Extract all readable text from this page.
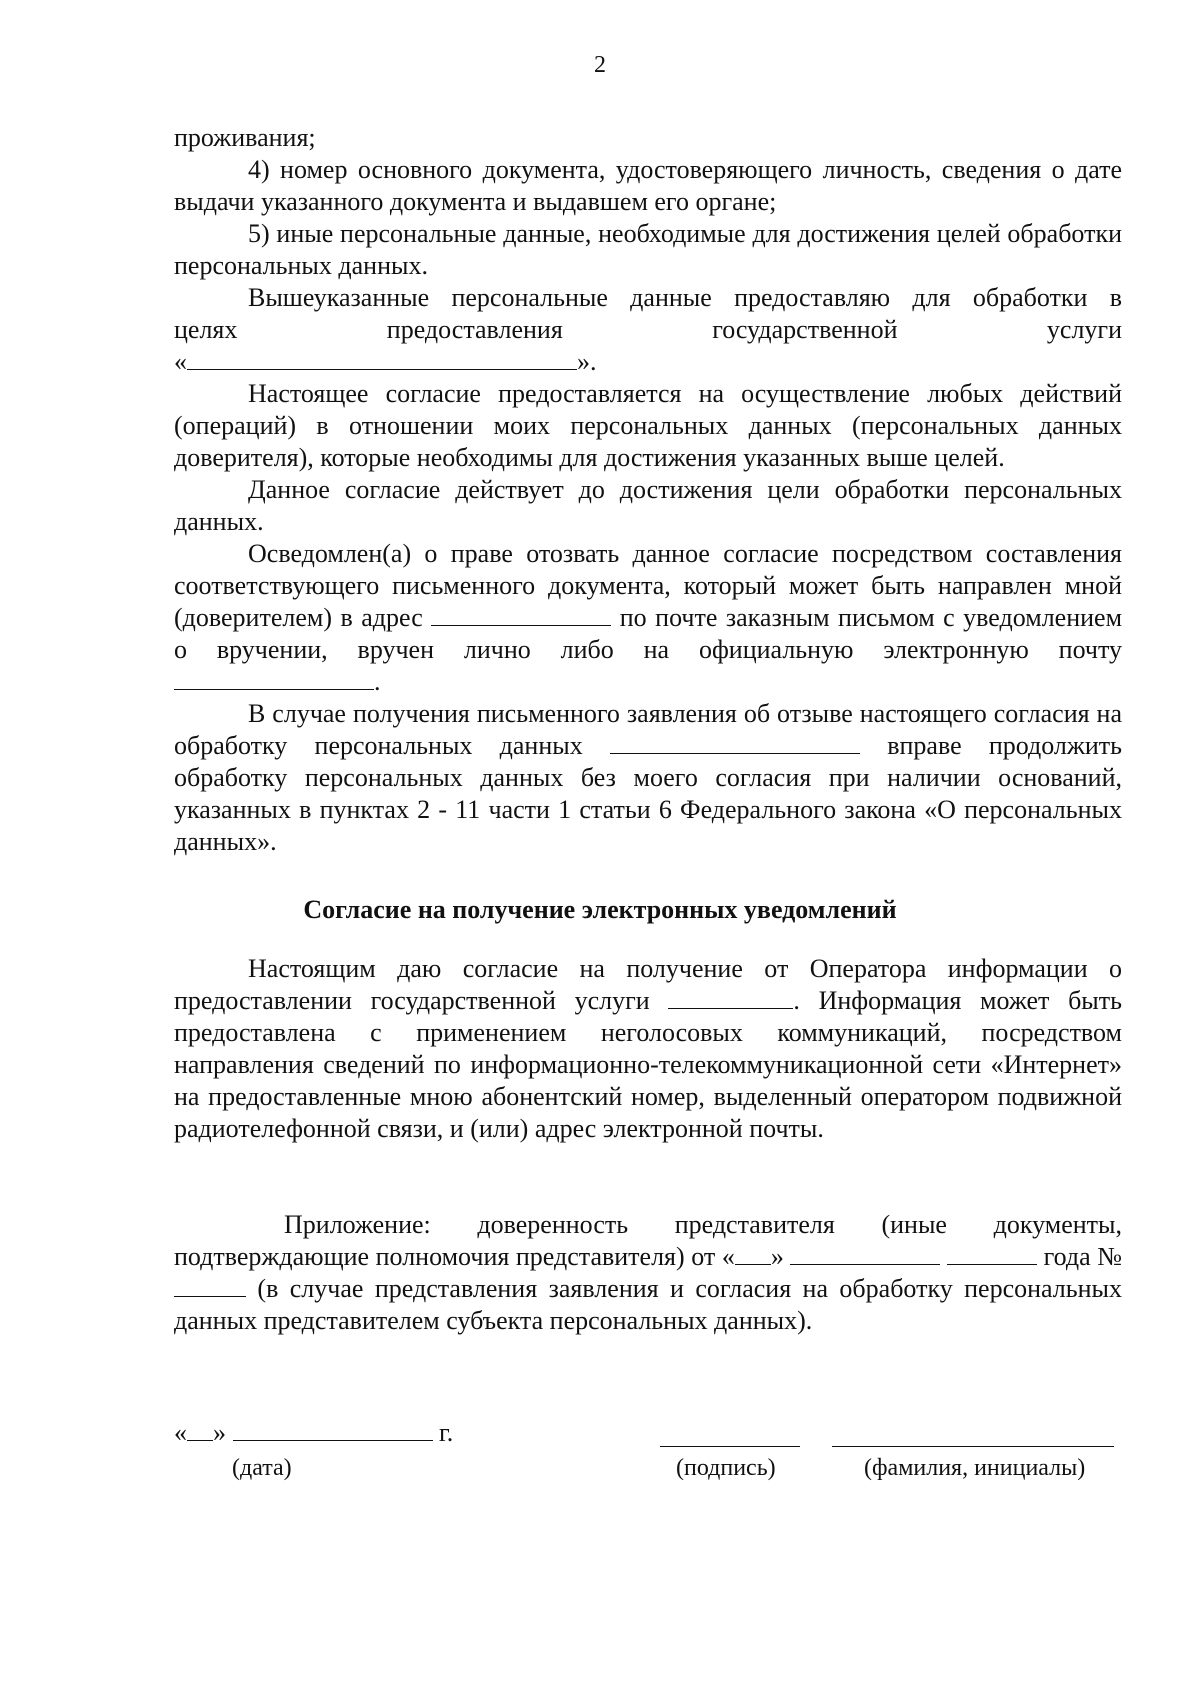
2

проживания;

4) номер основного документа, удостоверяющего личность, сведения о дате выдачи указанного документа и выдавшем его органе;

5) иные персональные данные, необходимые для достижения целей обработки персональных данных.

Вышеуказанные персональные данные предоставляю для обработки в

целях предоставления государственной услуги

«	».

Настоящее согласие предоставляется на осуществление любых действий (операций) в отношении моих персональных данных (персональных данных доверителя), которые необходимы для достижения указанных выше целей.

Данное согласие действует до достижения цели обработки персональных данных.

Осведомлен(а) о праве отозвать данное согласие посредством составления соответствующего письменного документа, который может быть направлен мной (доверителем) в адрес	по почте заказным письмом с уведомлением о вручении, вручен лично либо на официальную электронную почту .

В случае получения письменного заявления об отзыве настоящего согласия на обработку персональных данных	вправе продолжить обработку персональных данных без моего согласия при наличии оснований, указанных в пунктах 2 - 11 части 1 статьи 6 Федерального закона «О персональных данных».

Согласие на получение электронных уведомлений

Настоящим даю согласие на получение от Оператора информации о предоставлении государственной услуги	. Информация может быть предоставлена с применением неголосовых коммуникаций, посредством направления сведений по информационно-телекоммуникационной сети «Интернет» на предоставленные мною абонентский номер, выделенный оператором подвижной радиотелефонной связи, и (или) адрес электронной почты.

Приложение: доверенность представителя (иные документы, подтверждающие полномочия представителя) от « »	года №  (в случае представления заявления и согласия на обработку персональных данных представителем субъекта персональных данных).

« »	г.
(дата)	(подпись)	(фамилия, инициалы)
